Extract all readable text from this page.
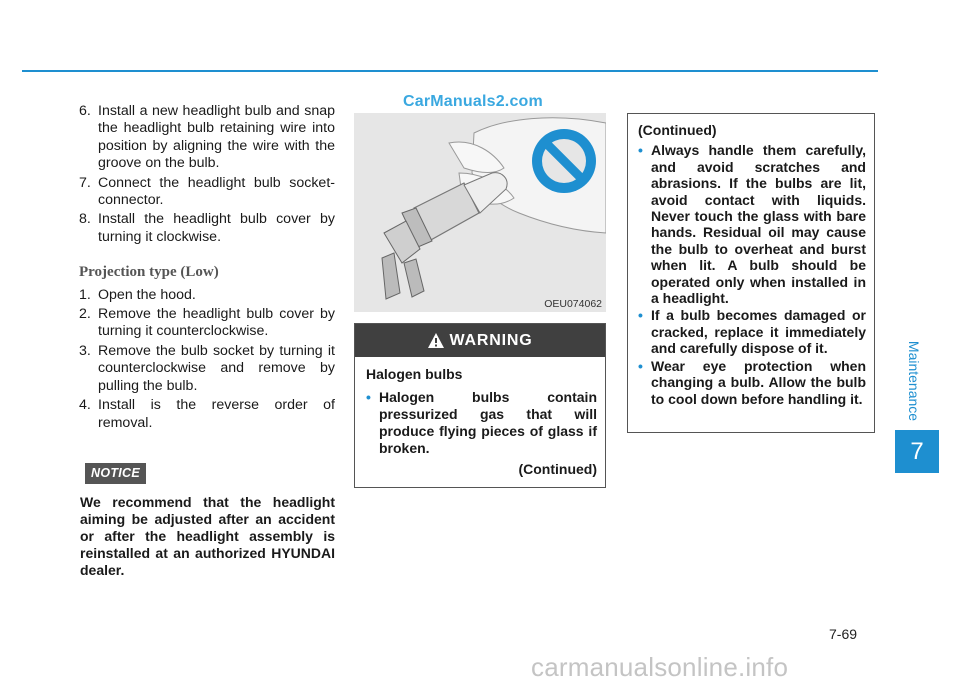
6. Install a new headlight bulb and snap the headlight bulb retaining wire into position by aligning the wire with the groove on the bulb.
7. Connect the headlight bulb socket-connector.
8. Install the headlight bulb cover by turning it clockwise.
Projection type (Low)
1. Open the hood.
2. Remove the headlight bulb cover by turning it counterclockwise.
3. Remove the bulb socket by turning it counterclockwise and remove by pulling the bulb.
4. Install is the reverse order of removal.
NOTICE
We recommend that the headlight aiming be adjusted after an accident or after the headlight assembly is reinstalled at an authorized HYUNDAI dealer.
CarManuals2.com
OEU074062
WARNING
Halogen bulbs
• Halogen bulbs contain pressurized gas that will produce flying pieces of glass if broken.
(Continued)
(Continued)
• Always handle them carefully, and avoid scratches and abrasions. If the bulbs are lit, avoid contact with liquids. Never touch the glass with bare hands. Residual oil may cause the bulb to overheat and burst when lit. A bulb should be operated only when installed in a headlight.
• If a bulb becomes damaged or cracked, replace it immediately and carefully dispose of it.
• Wear eye protection when changing a bulb. Allow the bulb to cool down before handling it.	Maintenance
7
7-69
carmanualsonline.info
